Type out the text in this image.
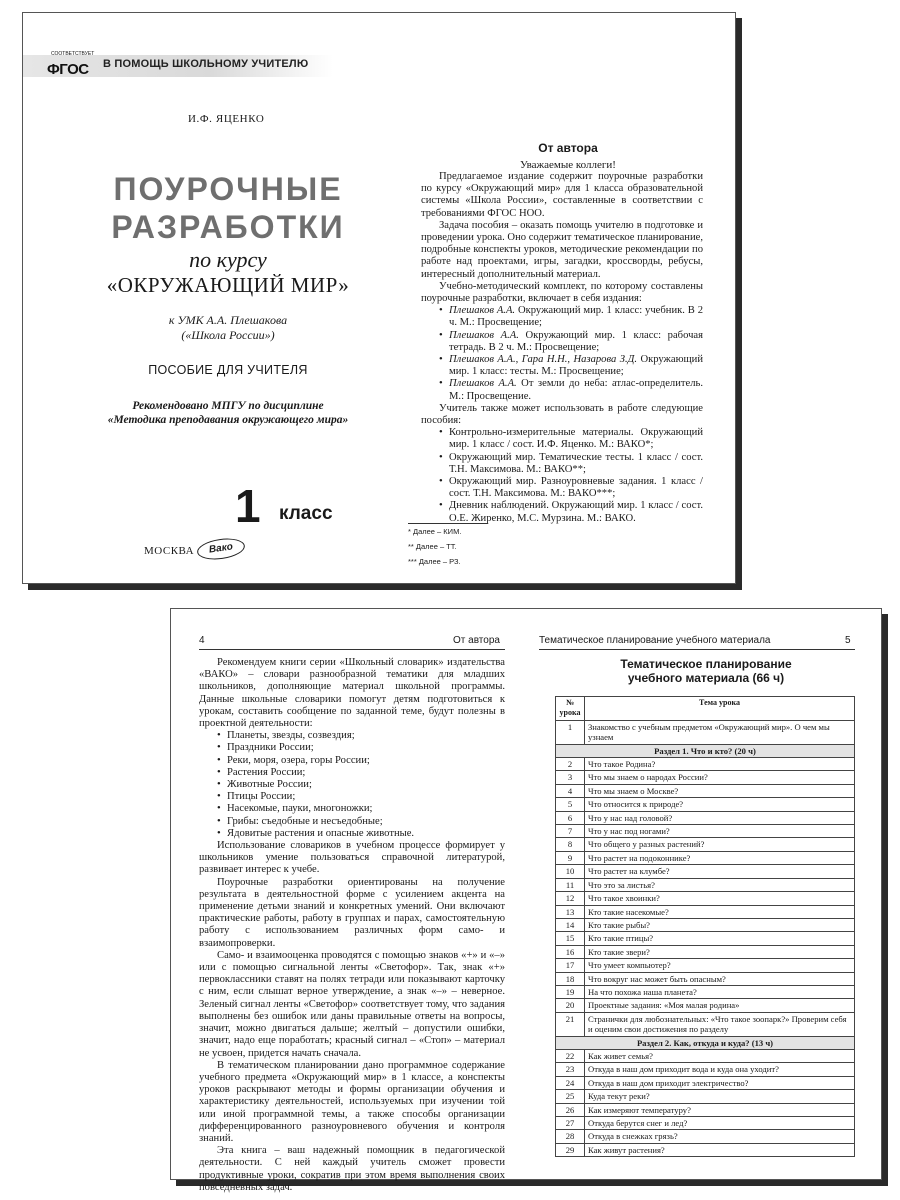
СООТВЕТСТВУЕТ
ФГОС В ПОМОЩЬ ШКОЛЬНОМУ УЧИТЕЛЮ
И.Ф. ЯЦЕНКО
ПОУРОЧНЫЕ
РАЗРАБОТКИ
по курсу
«ОКРУЖАЮЩИЙ МИР»
к УМК А.А. Плешакова
(«Школа России»)
ПОСОБИЕ ДЛЯ УЧИТЕЛЯ
Рекомендовано МПГУ по дисциплине
«Методика преподавания окружающего мира»
1 класс
МОСКВА	Вако
От автора
Уважаемые коллеги!

Предлагаемое издание содержит поурочные разработки по курсу «Окружающий мир» для 1 класса образовательной системы «Школа России», составленные в соответствии с требованиями ФГОС НОО.

Задача пособия – оказать помощь учителю в подготовке и проведении урока. Оно содержит тематическое планирование, подробные конспекты уроков, методические рекомендации по работе над проектами, игры, загадки, кроссворды, ребусы, интересный дополнительный материал.

Учебно-методический комплект, по которому составлены поурочные разработки, включает в себя издания:

• Плешаков А.А. Окружающий мир. 1 класс: учебник. В 2 ч. М.: Просвещение;
• Плешаков А.А. Окружающий мир. 1 класс: рабочая тетрадь. В 2 ч. М.: Просвещение;
• Плешаков А.А., Гара Н.Н., Назарова З.Д. Окружающий мир. 1 класс: тесты. М.: Просвещение;
• Плешаков А.А. От земли до неба: атлас-определитель. М.: Просвещение.

Учитель также может использовать в работе следующие пособия:

• Контрольно-измерительные материалы. Окружающий мир. 1 класс / сост. И.Ф. Яценко. М.: ВАКО*;
• Окружающий мир. Тематические тесты. 1 класс / сост. Т.Н. Максимова. М.: ВАКО**;
• Окружающий мир. Разноуровневые задания. 1 класс / сост. Т.Н. Максимова. М.: ВАКО***;
• Дневник наблюдений. Окружающий мир. 1 класс / сост. О.Е. Жиренко, М.С. Мурзина. М.: ВАКО.
* Далее – КИМ.
** Далее – ТТ.
*** Далее – РЗ.
4	От автора

Рекомендуем книги серии «Школьный словарик» издательства «ВАКО» – словари разнообразной тематики для младших школьников, дополняющие материал школьной программы. Данные школьные словарики помогут детям подготовиться к урокам, составить сообщение по заданной теме, будут полезны в проектной деятельности:

• Планеты, звезды, созвездия;
• Праздники России;
• Реки, моря, озера, горы России;
• Растения России;
• Животные России;
• Птицы России;
• Насекомые, пауки, многоножки;
• Грибы: съедобные и несъедобные;
• Ядовитые растения и опасные животные.

Использование словариков в учебном процессе формирует у школьников умение пользоваться справочной литературой, развивает интерес к учебе.

Поурочные разработки ориентированы на получение результата в деятельностной форме с усилением акцента на применение детьми знаний и конкретных умений. Они включают практические работы, работу в группах и парах, самостоятельную работу с использованием различных форм само- и взаимопроверки.

Само- и взаимооценка проводятся с помощью знаков «+» и «–» или с помощью сигнальной ленты «Светофор». Так, знак «+» первоклассники ставят на полях тетради или показывают карточку с ним, если слышат верное утверждение, а знак «–» – неверное. Зеленый сигнал ленты «Светофор» соответствует тому, что задания выполнены без ошибок или даны правильные ответы на вопросы, значит, можно двигаться дальше; желтый – допустили ошибки, значит, надо еще поработать; красный сигнал – «Стоп» – материал не усвоен, придется начать сначала.

В тематическом планировании дано программное содержание учебного предмета «Окружающий мир» в 1 классе, а конспекты уроков раскрывают методы и формы организации обучения и характеристику деятельностей, используемых при изучении той или иной программной темы, а также способы организации дифференцированного разноуровневого обучения и контроля знаний.

Эта книга – ваш надежный помощник в педагогической деятельности. С ней каждый учитель сможет провести продуктивные уроки, сократив при этом время выполнения своих повседневных задач.

Тематическое планирование учебного материала	5
Тематическое планирование
учебного материала (66 ч)
№ урока	Тема урока
1	Знакомство с учебным предметом «Окружающий мир». О чем мы узнаем
Раздел 1. Что и кто? (20 ч)	
2	Что такое Родина?
3	Что мы знаем о народах России?
4	Что мы знаем о Москве?
5	Что относится к природе?
6	Что у нас над головой?
7	Что у нас под ногами?
8	Что общего у разных растений?
9	Что растет на подоконнике?
10	Что растет на клумбе?
11	Что это за листья?
12	Что такое хвоинки?
13	Кто такие насекомые?
14	Кто такие рыбы?
15	Кто такие птицы?
16	Кто такие звери?
17	Что умеет компьютер?
18	Что вокруг нас может быть опасным?
19	На что похожа наша планета?
20	Проектные задания: «Моя малая родина»
21	Странички для любознательных: «Что такое зоопарк?» Проверим себя и оценим свои достижения по разделу
Раздел 2. Как, откуда и куда? (13 ч)	
22	Как живет семья?
23	Откуда в наш дом приходит вода и куда она уходит?
24	Откуда в наш дом приходит электричество?
25	Куда текут реки?
26	Как измеряют температуру?
27	Откуда берутся снег и лед?
28	Откуда в снежках грязь?
29	Как живут растения?
